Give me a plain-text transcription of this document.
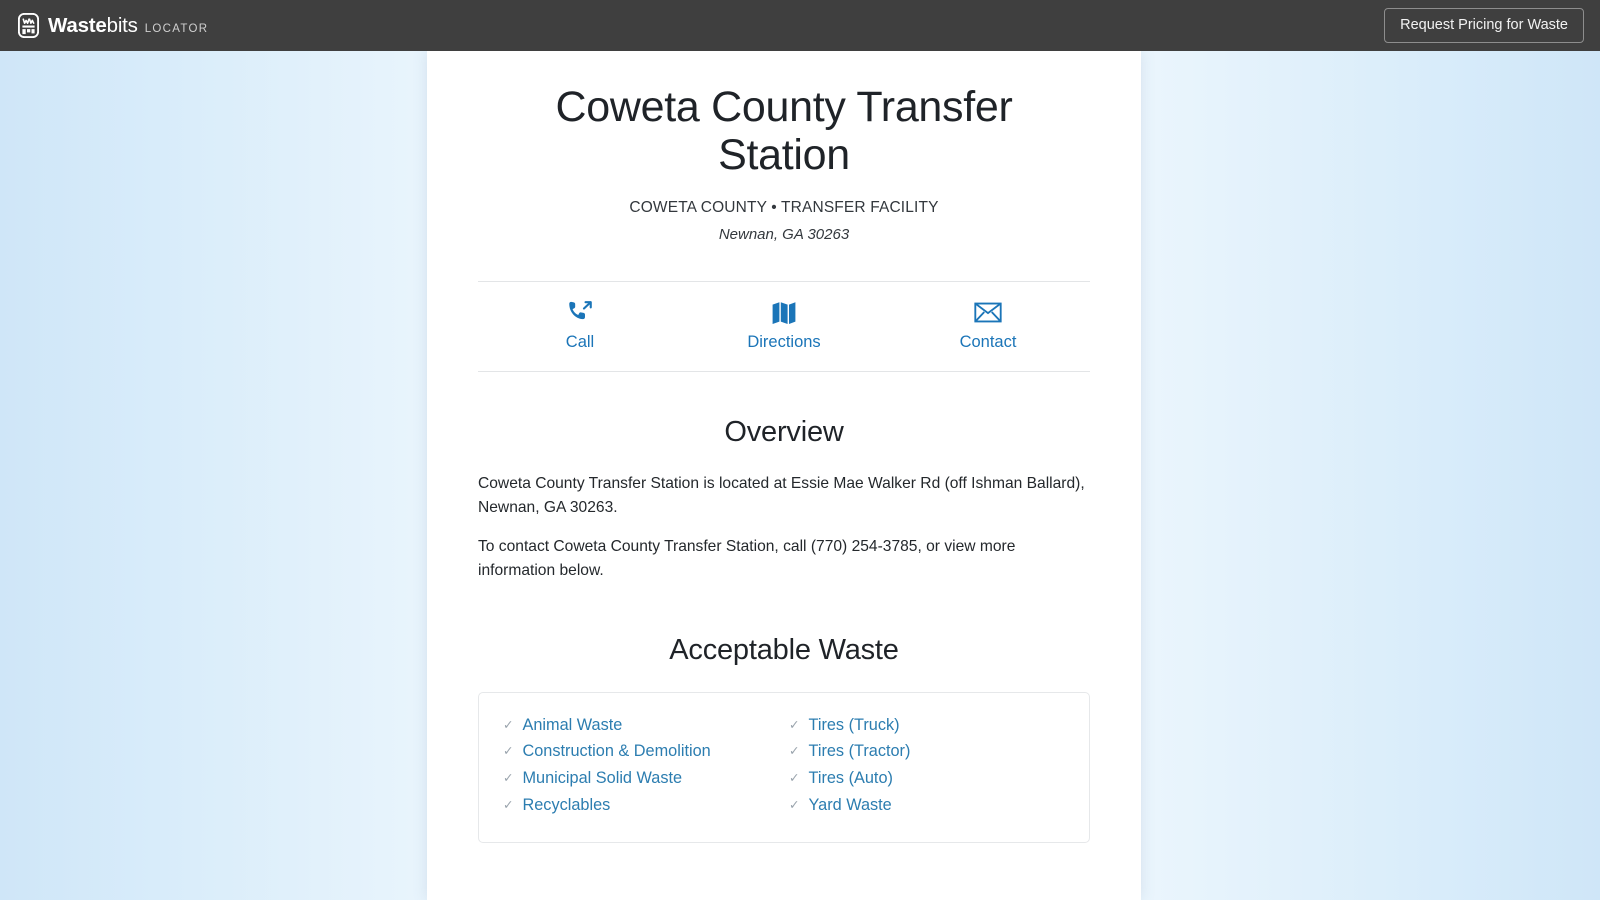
Waste bits LOCATOR	Request Pricing for Waste
Coweta County Transfer Station
COWETA COUNTY • TRANSFER FACILITY
Newnan, GA 30263
Call	Directions	Contact
Overview

Coweta County Transfer Station is located at Essie Mae Walker Rd (off Ishman Ballard), Newnan, GA 30263.

To contact Coweta County Transfer Station, call (770) 254-3785, or view more information below.

Acceptable Waste
✓ Animal Waste
✓ Construction & Demolition
✓ Municipal Solid Waste
✓ Recyclables
✓ Tires (Truck)
✓ Tires (Tractor)
✓ Tires (Auto)
✓ Yard Waste
